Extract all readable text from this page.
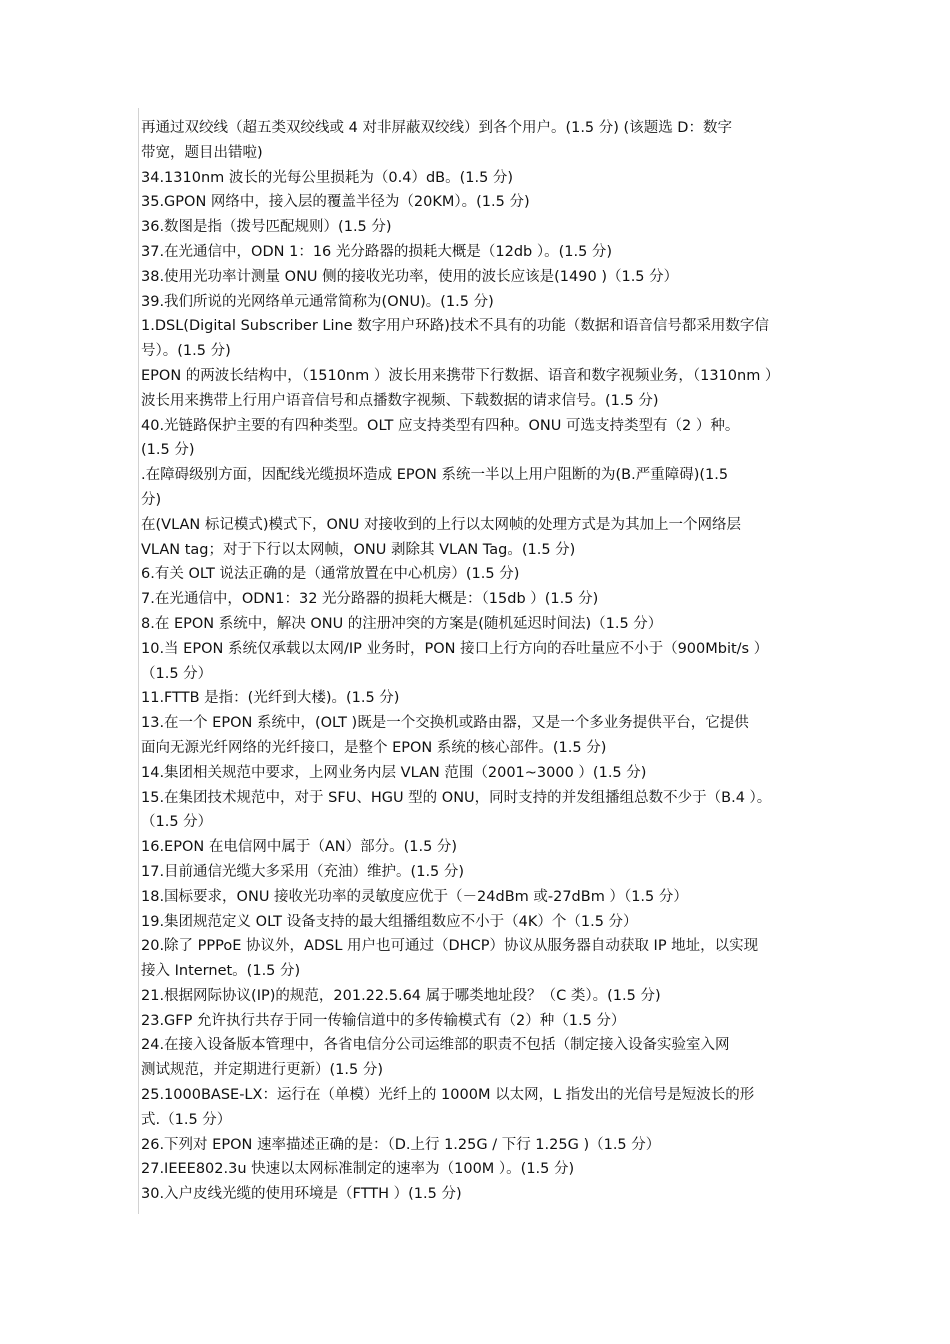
再通过双绞线（超五类双绞线或 4 对非屏蔽双绞线）到各个用户。(1.5 分) (该题选 D：数字
带宽，题目出错啦)
34.1310nm 波长的光每公里损耗为（0.4）dB。(1.5 分)
35.GPON 网络中，接入层的覆盖半径为（20KM）。(1.5 分)
36.数图是指（拨号匹配规则）(1.5 分)
37.在光通信中，ODN 1：16 光分路器的损耗大概是（12db ）。(1.5 分)
38.使用光功率计测量 ONU 侧的接收光功率，使用的波长应该是(1490 )（1.5 分）
39.我们所说的光网络单元通常简称为(ONU)。(1.5 分)
1.DSL(Digital Subscriber Line 数字用户环路)技术不具有的功能（数据和语音信号都采用数字信
号）。(1.5 分)
EPON 的两波长结构中，（1510nm ）波长用来携带下行数据、语音和数字视频业务，（1310nm ）
波长用来携带上行用户语音信号和点播数字视频、下载数据的请求信号。(1.5 分)
40.光链路保护主要的有四种类型。OLT 应支持类型有四种。ONU 可选支持类型有（2 ）种。
(1.5 分)
.在障碍级别方面，因配线光缆损坏造成 EPON 系统一半以上用户阻断的为(B.严重障碍)(1.5
分)
在(VLAN 标记模式)模式下，ONU 对接收到的上行以太网帧的处理方式是为其加上一个网络层
VLAN tag；对于下行以太网帧，ONU 剥除其 VLAN Tag。(1.5 分)
6.有关 OLT 说法正确的是（通常放置在中心机房）(1.5 分)
7.在光通信中，ODN1：32 光分路器的损耗大概是：（15db ）(1.5 分)
8.在 EPON 系统中，解决 ONU 的注册冲突的方案是(随机延迟时间法)（1.5 分）
10.当 EPON 系统仅承载以太网/IP 业务时，PON 接口上行方向的吞吐量应不小于（900Mbit/s ）
（1.5 分）
11.FTTB 是指：(光纤到大楼)。(1.5 分)
13.在一个 EPON 系统中，(OLT )既是一个交换机或路由器，又是一个多业务提供平台，它提供
面向无源光纤网络的光纤接口，是整个 EPON 系统的核心部件。(1.5 分)
14.集团相关规范中要求，上网业务内层 VLAN 范围（2001~3000 ）(1.5 分)
15.在集团技术规范中，对于 SFU、HGU 型的 ONU，同时支持的并发组播组总数不少于（B.4 ）。
（1.5 分）
16.EPON 在电信网中属于（AN）部分。(1.5 分)
17.目前通信光缆大多采用（充油）维护。(1.5 分)
18.国标要求，ONU 接收光功率的灵敏度应优于（－24dBm 或-27dBm ）（1.5 分）
19.集团规范定义 OLT 设备支持的最大组播组数应不小于（4K）个（1.5 分）
20.除了 PPPoE 协议外，ADSL 用户也可通过（DHCP）协议从服务器自动获取 IP 地址，以实现
接入 Internet。(1.5 分)
21.根据网际协议(IP)的规范，201.22.5.64 属于哪类地址段？（C 类）。(1.5 分)
23.GFP 允许执行共存于同一传输信道中的多传输模式有（2）种（1.5 分）
24.在接入设备版本管理中，各省电信分公司运维部的职责不包括（制定接入设备实验室入网
测试规范，并定期进行更新）(1.5 分)
25.1000BASE-LX：运行在（单模）光纤上的 1000M 以太网，L 指发出的光信号是短波长的形
式.（1.5 分）
26.下列对 EPON 速率描述正确的是：（D.上行 1.25G / 下行 1.25G )（1.5 分）
27.IEEE802.3u 快速以太网标准制定的速率为（100M ）。(1.5 分)
30.入户皮线光缆的使用环境是（FTTH ）(1.5 分)
